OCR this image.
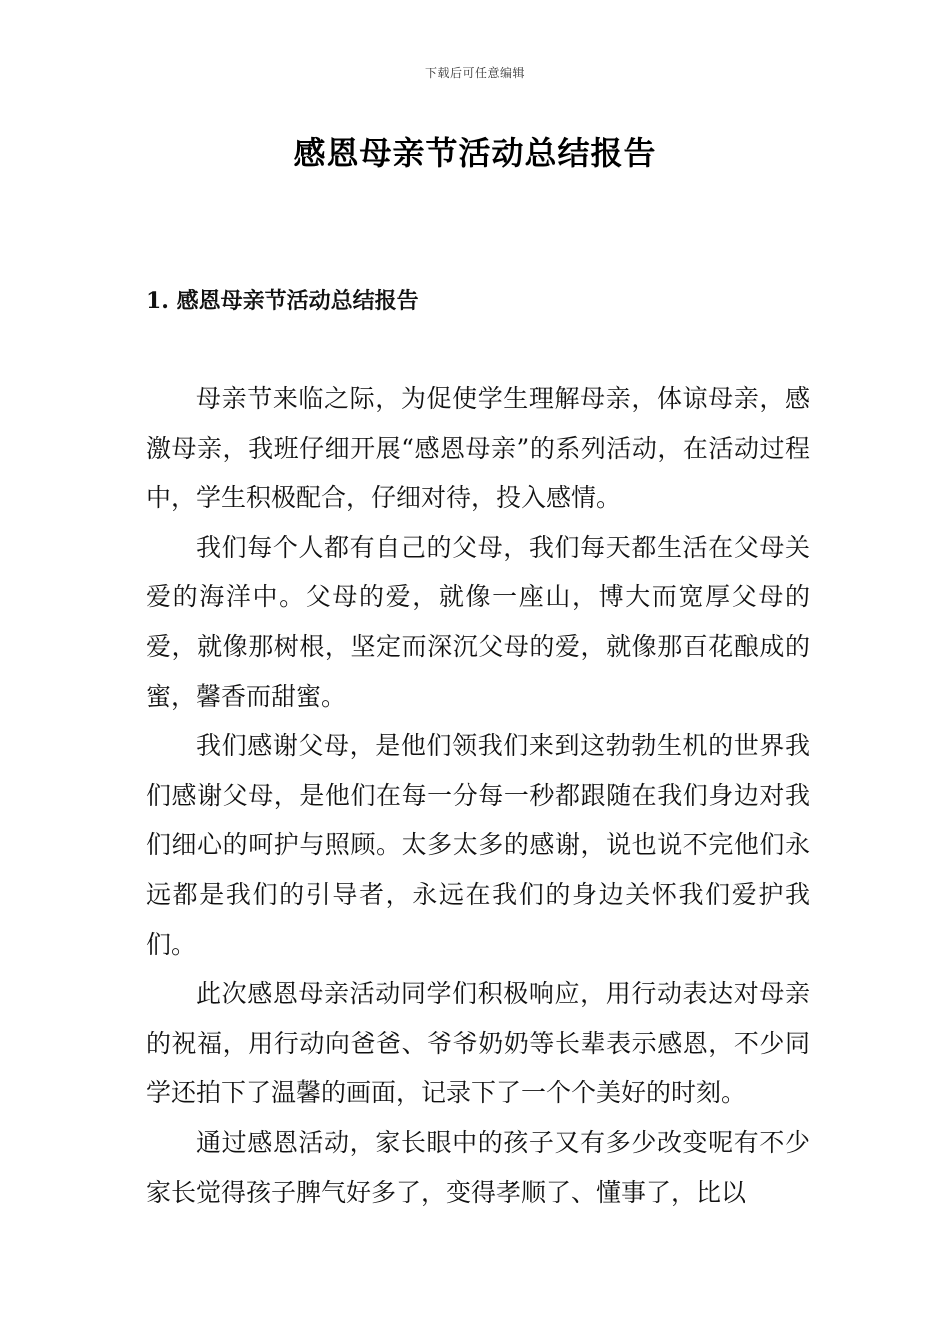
下载后可任意编辑
感恩母亲节活动总结报告
1. 感恩母亲节活动总结报告

母亲节来临之际，为促使学生理解母亲，体谅母亲，感激母亲，我班仔细开展“感恩母亲”的系列活动，在活动过程中，学生积极配合，仔细对待，投入感情。

我们每个人都有自己的父母，我们每天都生活在父母关爱的海洋中。父母的爱，就像一座山，博大而宽厚父母的爱，就像那树根，坚定而深沉父母的爱，就像那百花酿成的蜜，馨香而甜蜜。

我们感谢父母，是他们领我们来到这勃勃生机的世界我们感谢父母，是他们在每一分每一秒都跟随在我们身边对我们细心的呵护与照顾。太多太多的感谢，说也说不完他们永远都是我们的引导者，永远在我们的身边关怀我们爱护我们。

此次感恩母亲活动同学们积极响应，用行动表达对母亲的祝福，用行动向爸爸、爷爷奶奶等长辈表示感恩，不少同学还拍下了温馨的画面，记录下了一个个美好的时刻。

通过感恩活动，家长眼中的孩子又有多少改变呢有不少家长觉得孩子脾气好多了，变得孝顺了、懂事了，比以
